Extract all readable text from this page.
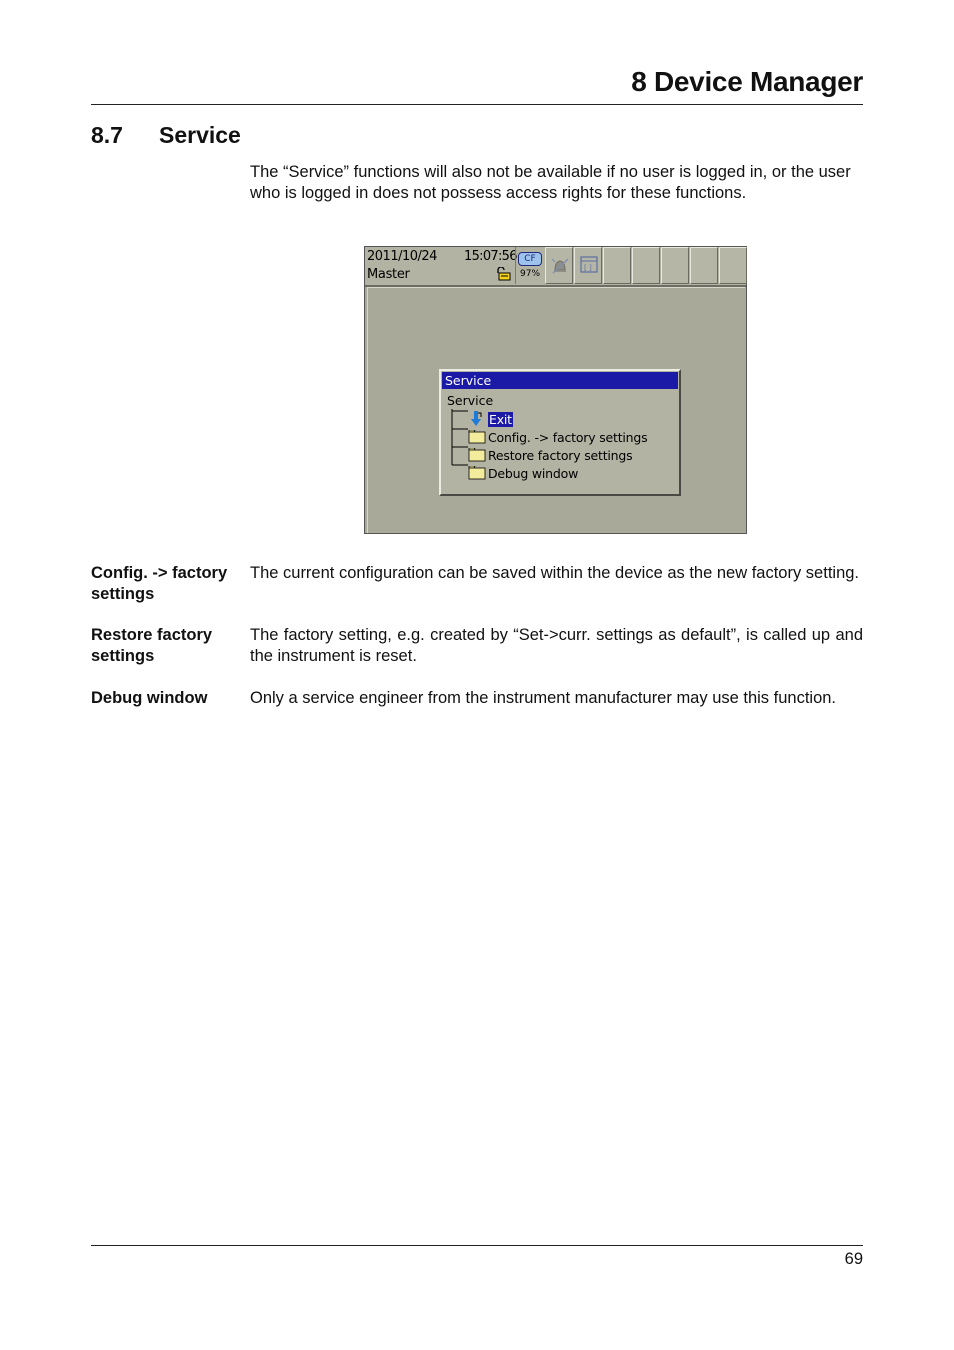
8 Device Manager
8.7 Service

The “Service” functions will also not be available if no user is logged in, or the user who is logged in does not possess access rights for these functions.

2011/10/24 15:07:56
Master
CF
97%
[ ]
Service
Service
Exit
Config. -> factory settings
Restore factory settings
Debug window

Config. -> factory settings

The current configuration can be saved within the device as the new factory setting.

Restore factory settings

The factory setting, e.g. created by “Set->curr. settings as default”, is called up and the instrument is reset.

Debug window	Only a service engineer from the instrument manufacturer may use this function.

69
